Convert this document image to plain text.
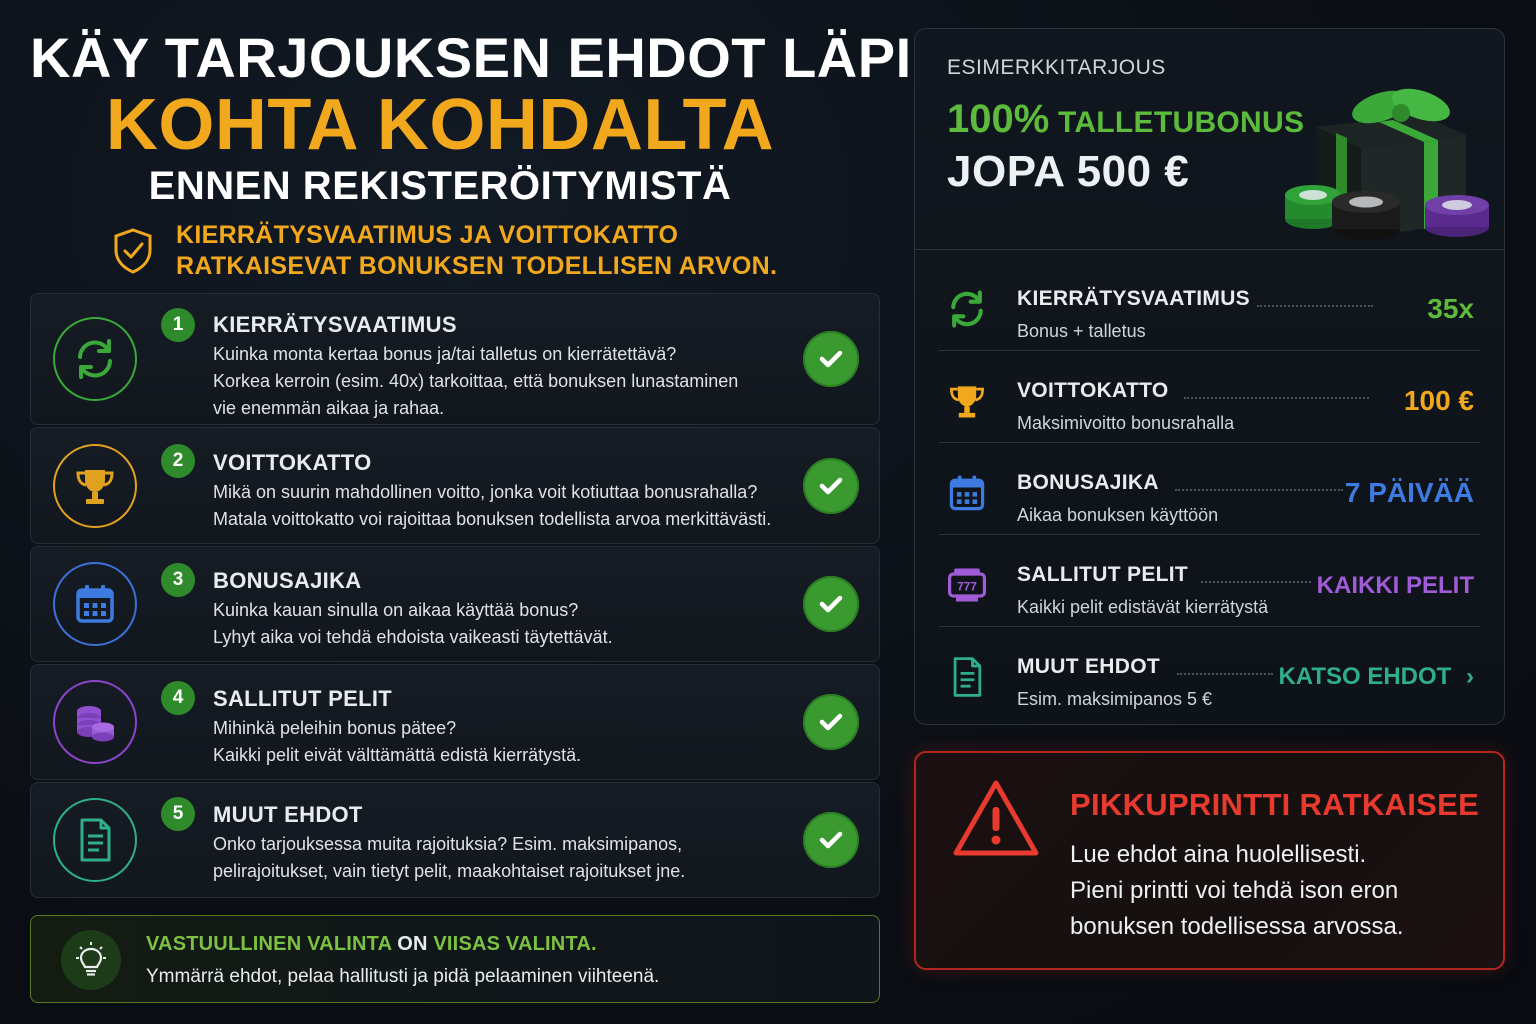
KÄY TARJOUKSEN EHDOT LÄPI
KOHTA KOHDALTA
ENNEN REKISTERÖITYMISTÄ
KIERRÄTYSVAATIMUS JA VOITTOKATTO
RATKAISEVAT BONUKSEN TODELLISEN ARVON.
1	KIERRÄTYSVAATIMUS
Kuinka monta kertaa bonus ja/tai talletus on kierrätettävä?
Korkea kerroin (esim. 40x) tarkoittaa, että bonuksen lunastaminen
vie enemmän aikaa ja rahaa.
2	VOITTOKATTO
Mikä on suurin mahdollinen voitto, jonka voit kotiuttaa bonusrahalla?
Matala voittokatto voi rajoittaa bonuksen todellista arvoa merkittävästi.
3	BONUSAJIKA
Kuinka kauan sinulla on aikaa käyttää bonus?
Lyhyt aika voi tehdä ehdoista vaikeasti täytettävät.
4	SALLITUT PELIT
Mihinkä peleihin bonus pätee?
Kaikki pelit eivät välttämättä edistä kierrätystä.
5	MUUT EHDOT
Onko tarjouksessa muita rajoituksia? Esim. maksimipanos,
pelirajoitukset, vain tietyt pelit, maakohtaiset rajoitukset jne.
VASTUULLINEN VALINTA ON VIISAS VALINTA.
Ymmärrä ehdot, pelaa hallitusti ja pidä pelaaminen viihteenä.
ESIMERKKITARJOUS
100% TALLETUBONUS
JOPA 500 €
KIERRÄTYSVAATIMUS
Bonus + talletus
35x
VOITTOKATTO
Maksimivoitto bonusrahalla
100 €
BONUSAJIKA
Aikaa bonuksen käyttöön
7 PÄIVÄÄ
777
SALLITUT PELIT
Kaikki pelit edistävät kierrätystä
KAIKKI PELIT
MUUT EHDOT
Esim. maksimipanos 5 €
KATSO EHDOT ›
PIKKUPRINTTI RATKAISEE
Lue ehdot aina huolellisesti.
Pieni printti voi tehdä ison eron
bonuksen todellisessa arvossa.
